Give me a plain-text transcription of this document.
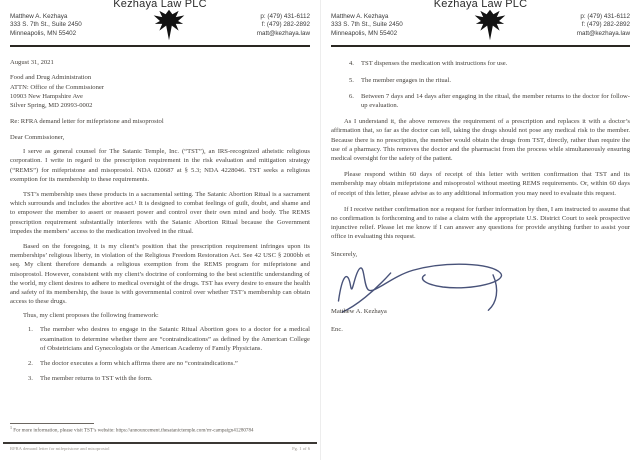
Kezhaya Law PLC
Matthew A. Kezhaya
333 S. 7th St., Suite 2450
Minneapolis, MN 55402
p: (479) 431-6112
f: (479) 282-2892
matt@kezhaya.law
August 31, 2021
Food and Drug Administration
ATTN: Office of the Commissioner
10903 New Hampshire Ave
Silver Spring, MD 20993-0002
Re: RFRA demand letter for mifepristone and misoprostol
Dear Commissioner,
I serve as general counsel for The Satanic Temple, Inc. (“TST”), an IRS-recognized atheistic religious corporation. I write in regard to the prescription requirement in the risk evaluation and mitigation strategy (“REMS”) for mifepristone and misoprostol. NDA 020687 at § 5.3; NDA 4228046. TST seeks a religious exemption for its membership to these requirements.
TST’s membership uses these products in a sacramental setting. The Satanic Abortion Ritual is a sacrament which surrounds and includes the abortive act.¹ It is designed to combat feelings of guilt, doubt, and shame and to empower the member to assert or reassert power and control over their own mind and body. The REMS prescription requirement substantially interferes with the Satanic Abortion Ritual because the Government impedes the members’ access to the medication involved in the ritual.
Based on the foregoing, it is my client’s position that the prescription requirement infringes upon its memberships’ religious liberty, in violation of the Religious Freedom Restoration Act. See 42 USC § 2000bb et seq. My client therefore demands a religious exemption from the REMS program for mifepristone and misoprostol. However, consistent with my client’s doctrine of conforming to the best scientific understanding of the world, my client desires to adhere to medical oversight of the drugs. TST has every desire to ensure the health and safety of its membership, the issue is with governmental control over whether TST’s membership can obtain access to these drugs.
Thus, my client proposes the following framework:
1.	The member who desires to engage in the Satanic Ritual Abortion goes to a doctor for a medical examination to determine whether there are “contraindications” as defined by the American College of Obstetricians and Gynecologists or the American Academy of Family Physicians.
2.	The doctor executes a form which affirms there are no “contraindications.”
3.	The member returns to TST with the form.
$^1$ For more information, please visit TST’s website: https://announcement.thesatanictemple.com/rrr-campaign41280784
RFRA demand letter for mifepristone and misoprostol	Pg. 1 of 6
Kezhaya Law PLC
Matthew A. Kezhaya
333 S. 7th St., Suite 2450
Minneapolis, MN 55402
p: (479) 431-6112
f: (479) 282-2892
matt@kezhaya.law
4.	TST dispenses the medication with instructions for use.
5.	The member engages in the ritual.
6.	Between 7 days and 14 days after engaging in the ritual, the member returns to the doctor for follow-up evaluation.
As I understand it, the above removes the requirement of a prescription and replaces it with a doctor’s affirmation that, so far as the doctor can tell, taking the drugs should not pose any medical risk to the member. Because there is no prescription, the member would obtain the drugs from TST, directly, rather than require the use of a pharmacy. This removes the doctor and the pharmacist from the process while simultaneously ensuring medical oversight for the safety of the patient.
Please respond within 60 days of receipt of this letter with written confirmation that TST and its membership may obtain mifepristone and misoprostol without meeting REMS requirements. Or, within 60 days of receipt of this letter, please advise as to any additional information you may need to evaluate this request.
If I receive neither confirmation nor a request for further information by then, I am instructed to assume that no confirmation is forthcoming and to raise a claim with the appropriate U.S. District Court to seek prospective injunctive relief. Please let me know if I can answer any questions for provide anything further to assist your office in evaluating this request.
Sincerely,
Matthew A. Kezhaya
Enc.
